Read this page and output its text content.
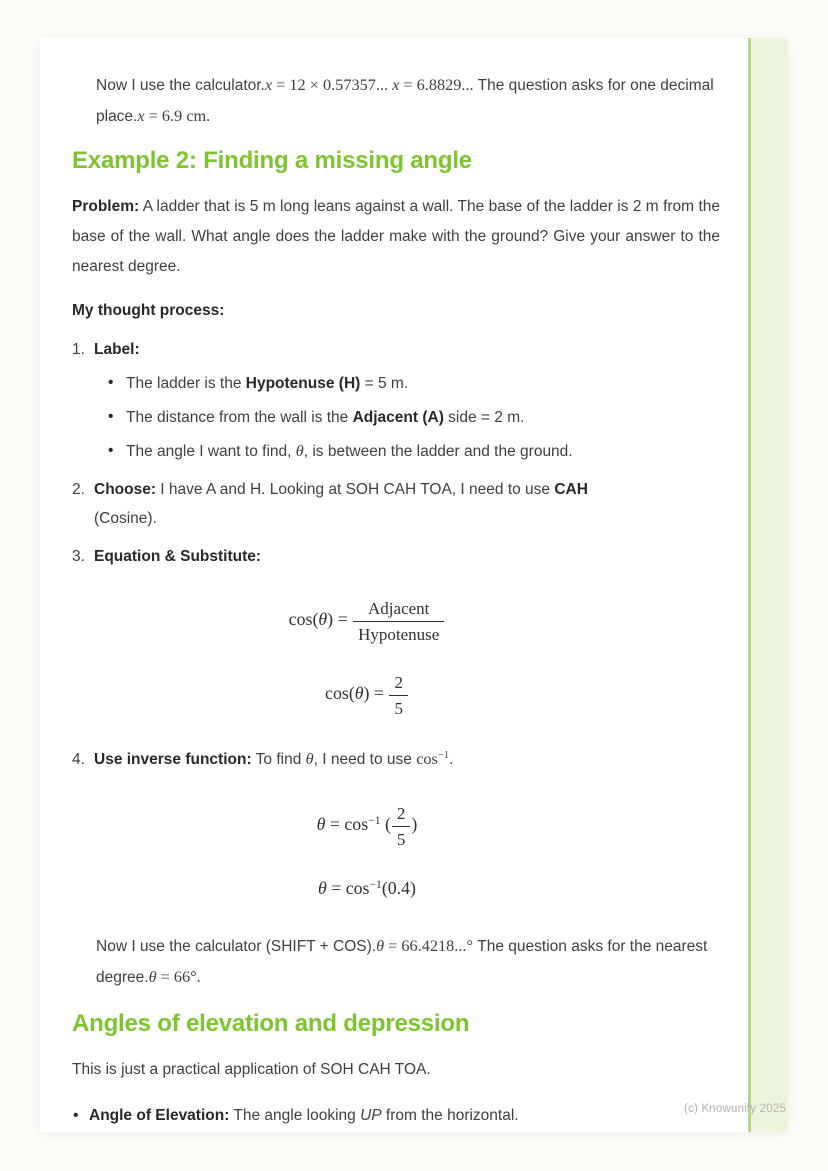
Now I use the calculator.x = 12 × 0.57357... x = 6.8829... The question asks for one decimal place.x = 6.9 cm.

Example 2: Finding a missing angle

Problem: A ladder that is 5 m long leans against a wall. The base of the ladder is 2 m from the base of the wall. What angle does the ladder make with the ground? Give your answer to the nearest degree.

My thought process:

1. Label:
• The ladder is the Hypotenuse (H) = 5 m.
• The distance from the wall is the Adjacent (A) side = 2 m.
• The angle I want to find, θ, is between the ladder and the ground.
2. Choose: I have A and H. Looking at SOH CAH TOA, I need to use CAH (Cosine).
3. Equation & Substitute:
$\cos(\theta) = \frac{\text{Adjacent}}{\text{Hypotenuse}}$
$\cos(\theta) = \frac{2}{5}$
4. Use inverse function: To find θ, I need to use $\cos^{-1}$.
$\theta = \cos^{-1}$ ( $\frac{2}{5}$ )
$\theta = \cos^{-1}(0.4)$

Now I use the calculator (SHIFT + COS).θ = 66.4218...° The question asks for the nearest degree.θ = 66°.

Angles of elevation and depression

This is just a practical application of SOH CAH TOA.

• Angle of Elevation: The angle looking UP from the horizontal.	(c) Knowunity 2025
